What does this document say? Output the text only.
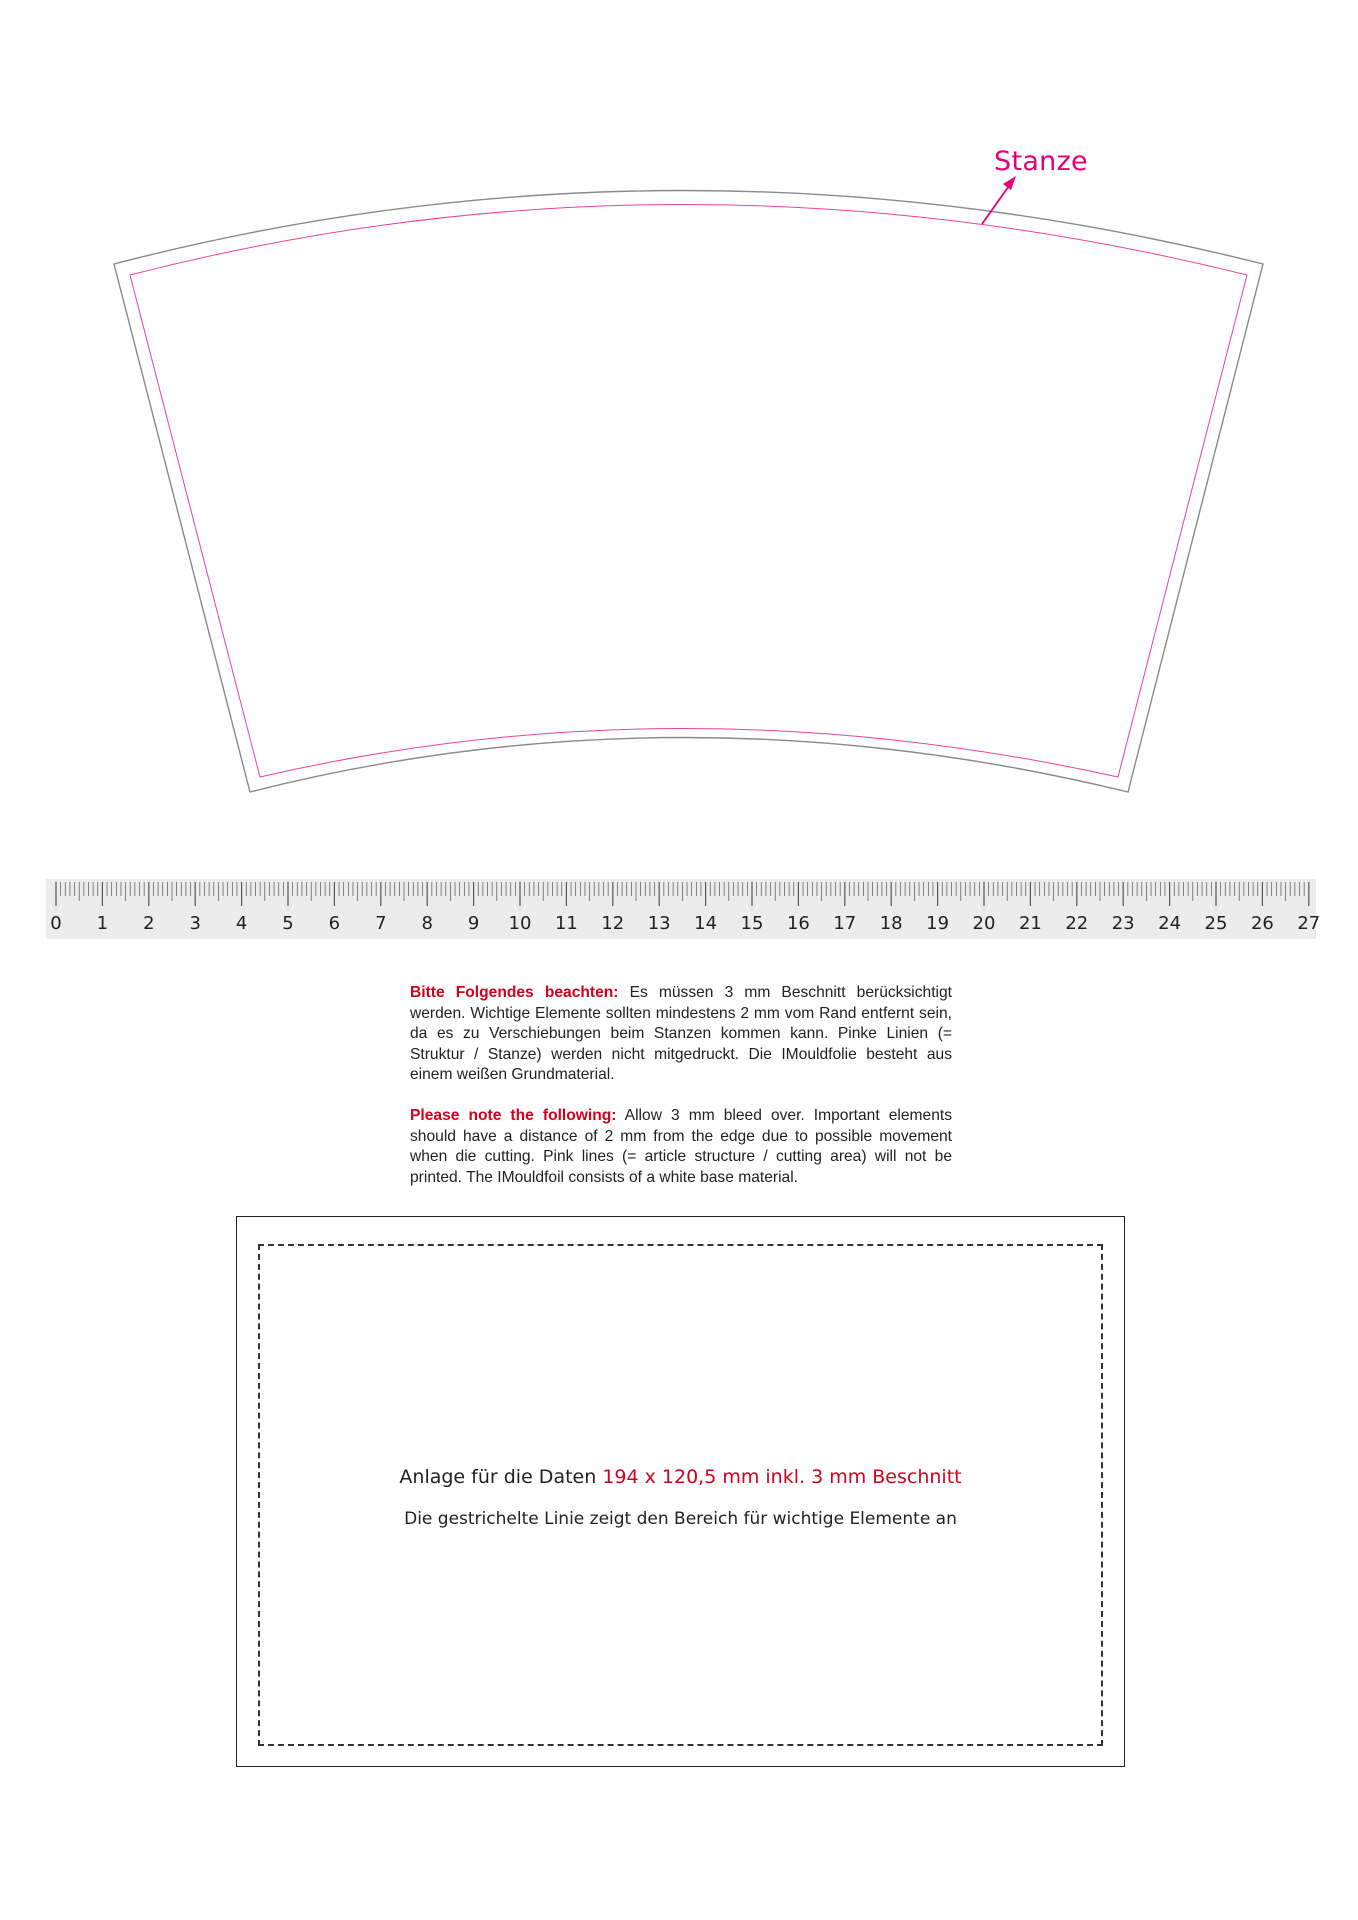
Stanze
0 1 2 3 4 5 6 7 8 9 10 11 12 13 14 15 16 17 18 19 20 21 22 23 24 25 26 27
Bitte Folgendes beachten: Es müssen 3 mm Beschnitt berücksichtigt werden. Wichtige Elemente sollten mindestens 2 mm vom Rand entfernt sein, da es zu Verschiebungen beim Stanzen kommen kann. Pinke Linien (= Struktur / Stanze) werden nicht mitgedruckt. Die IMouldfolie besteht aus einem weißen Grundmaterial.
Please note the following: Allow 3 mm bleed over. Important elements should have a distance of 2 mm from the edge due to possible movement when die cutting. Pink lines (= article structure / cutting area) will not be printed. The IMouldfoil consists of a white base material.
Anlage für die Daten 194 x 120,5 mm inkl. 3 mm Beschnitt
Die gestrichelte Linie zeigt den Bereich für wichtige Elemente an
